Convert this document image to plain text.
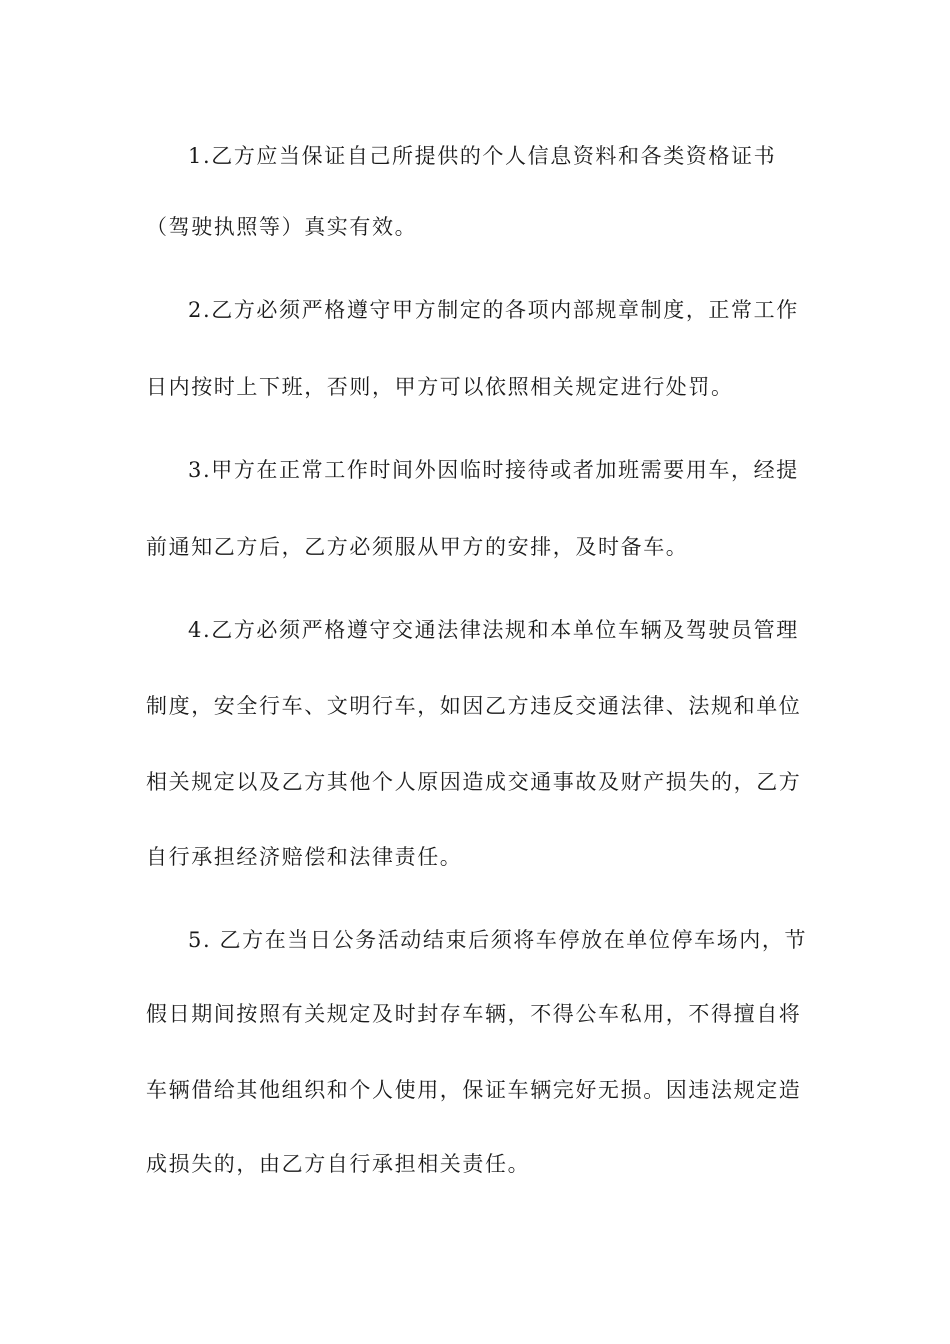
1.乙方应当保证自己所提供的个人信息资料和各类资格证书
（驾驶执照等）真实有效。
2.乙方必须严格遵守甲方制定的各项内部规章制度，正常工作
日内按时上下班，否则，甲方可以依照相关规定进行处罚。
3.甲方在正常工作时间外因临时接待或者加班需要用车，经提
前通知乙方后，乙方必须服从甲方的安排，及时备车。
4.乙方必须严格遵守交通法律法规和本单位车辆及驾驶员管理
制度，安全行车、文明行车，如因乙方违反交通法律、法规和单位
相关规定以及乙方其他个人原因造成交通事故及财产损失的，乙方
自行承担经济赔偿和法律责任。
5. 乙方在当日公务活动结束后须将车停放在单位停车场内，节
假日期间按照有关规定及时封存车辆，不得公车私用，不得擅自将
车辆借给其他组织和个人使用，保证车辆完好无损。因违法规定造
成损失的，由乙方自行承担相关责任。
